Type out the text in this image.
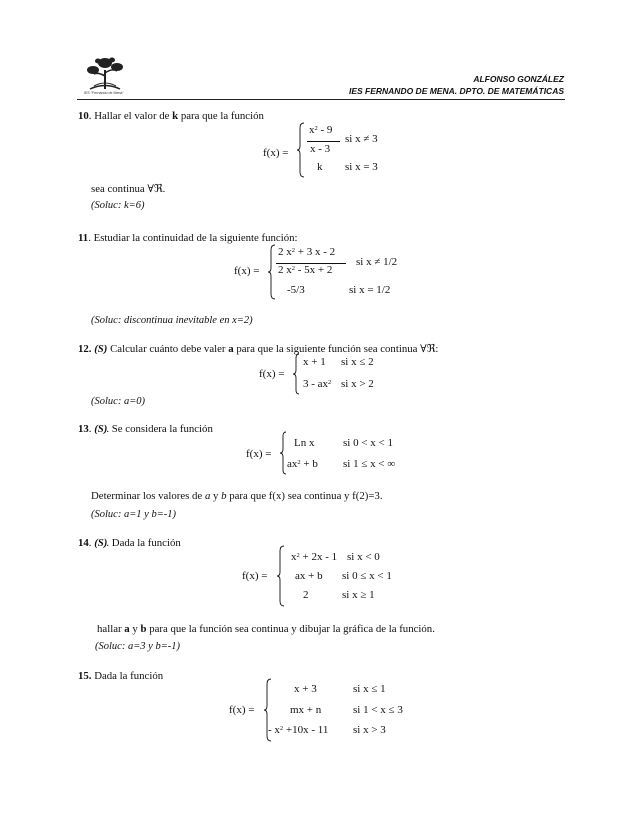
IES "Fernando de Mena"
ALFONSO GONZÁLEZ
IES FERNANDO DE MENA. DPTO. DE MATEMÁTICAS
10. Hallar el valor de k para que la función
f(x) =
$x^2 - 9$
x - 3
si x ≠ 3
k si x = 3
sea continua ∀ℜ.
(Soluc: k=6)
11. Estudiar la continuidad de la siguiente función:
f(x) =
2 $x^2 + 3$ x - 2
2 $x^2 - 5x + 2$
si x ≠ 1/2
-5/3	si x = 1/2
(Soluc: discontinua inevitable en x=2)
12. (S) Calcular cuánto debe valer a para que la siguiente función sea continua ∀ℜ:
f(x) =
x + 1 si x ≤ 2
$3 - ax^2$ si x > 2
(Soluc: a=0)
13. (S). Se considera la función
f(x) =
Ln x	si 0 < x < 1
$ax^2 + b$ si 1 ≤ x < ∞
Determinar los valores de a y b para que f(x) sea continua y f(2)=3.
(Soluc: a=1 y b=-1)
14. (S). Dada la función
f(x) =
$x^2 + 2x - 1$ si x < 0
ax + b si 0 ≤ x < 1
2	si x ≥ 1
hallar a y b para que la función sea continua y dibujar la gráfica de la función.
(Soluc: a=3 y b=-1)
15. Dada la función
f(x) =
x + 3	si x ≤ 1
mx + n	si 1 < x ≤ 3
- $x^2 +10x - 11$ si x > 3
